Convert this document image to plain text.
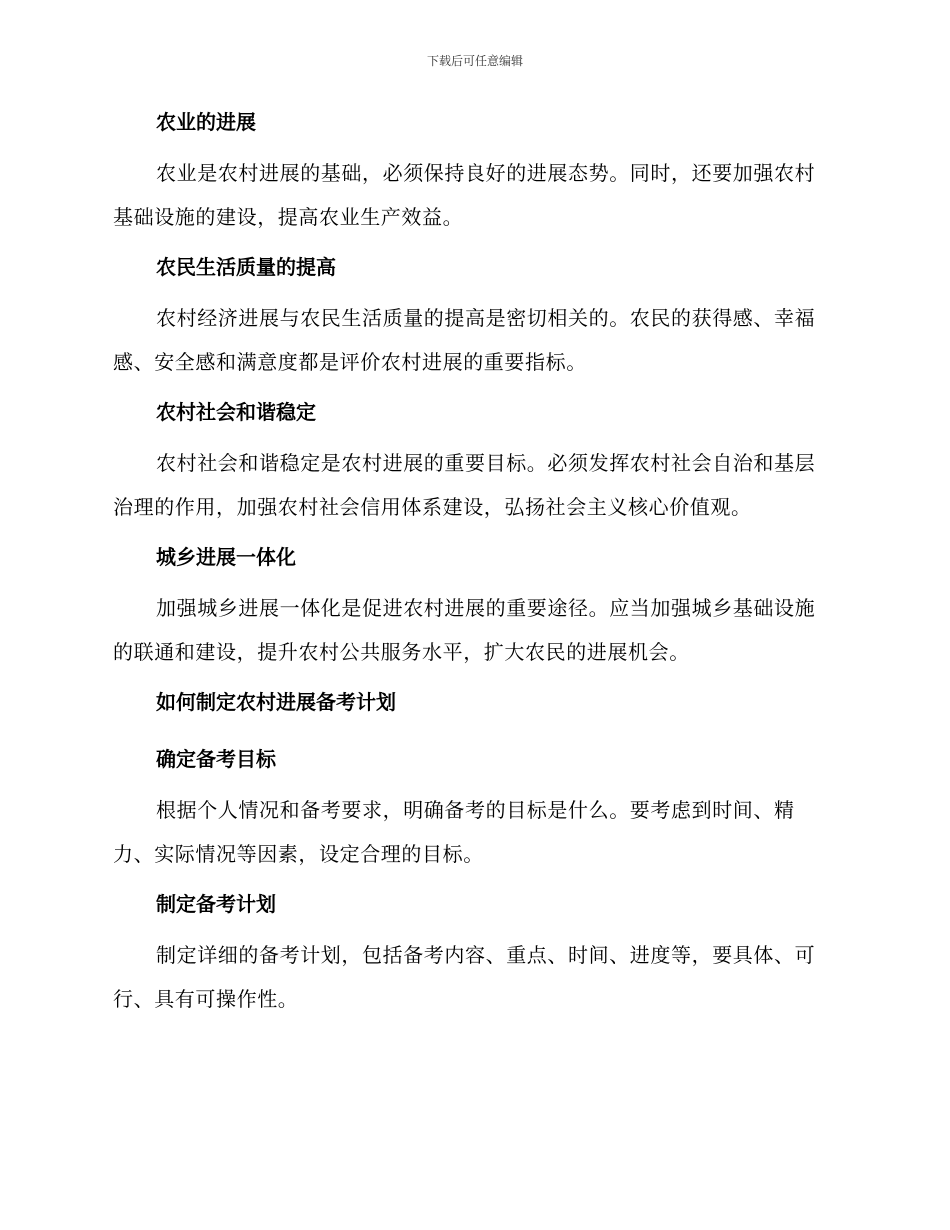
下载后可任意编辑
农业的进展

农业是农村进展的基础，必须保持良好的进展态势。同时，还要加强农村基础设施的建设，提高农业生产效益。

农民生活质量的提高

农村经济进展与农民生活质量的提高是密切相关的。农民的获得感、幸福感、安全感和满意度都是评价农村进展的重要指标。

农村社会和谐稳定

农村社会和谐稳定是农村进展的重要目标。必须发挥农村社会自治和基层治理的作用，加强农村社会信用体系建设，弘扬社会主义核心价值观。

城乡进展一体化

加强城乡进展一体化是促进农村进展的重要途径。应当加强城乡基础设施的联通和建设，提升农村公共服务水平，扩大农民的进展机会。

如何制定农村进展备考计划
确定备考目标

根据个人情况和备考要求，明确备考的目标是什么。要考虑到时间、精力、实际情况等因素，设定合理的目标。

制定备考计划

制定详细的备考计划，包括备考内容、重点、时间、进度等，要具体、可行、具有可操作性。
